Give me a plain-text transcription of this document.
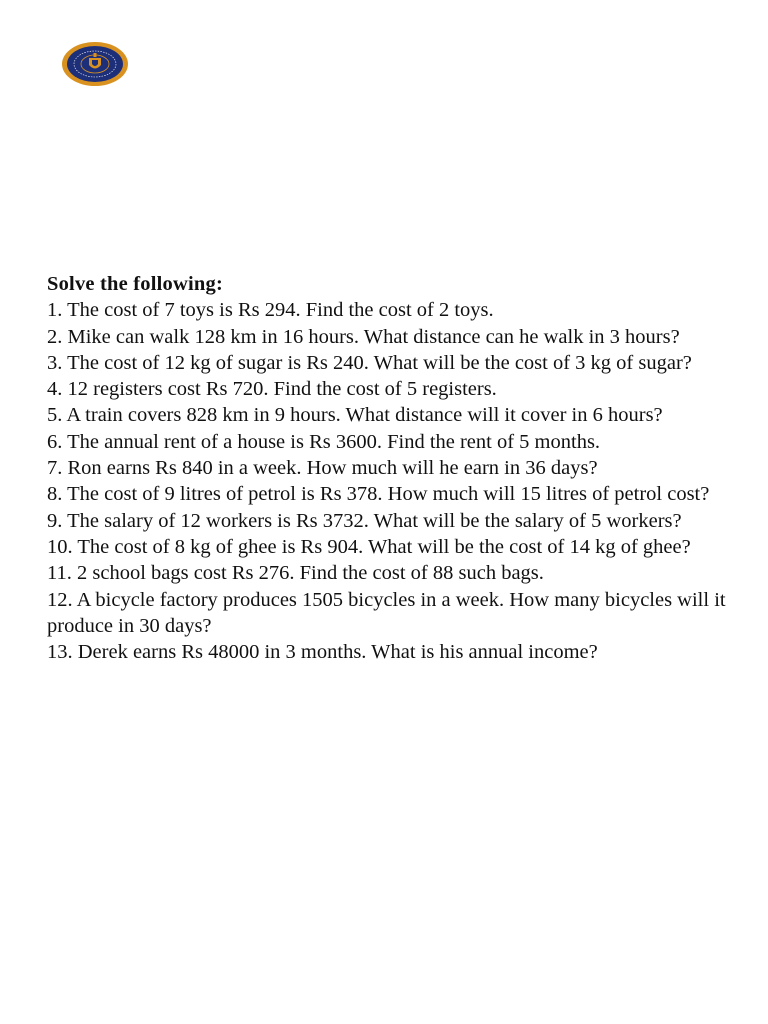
Solve the following:

1. The cost of 7 toys is Rs 294. Find the cost of 2 toys.

2. Mike can walk 128 km in 16 hours. What distance can he walk in 3 hours?

3. The cost of 12 kg of sugar is Rs 240. What will be the cost of 3 kg of sugar?

4. 12 registers cost Rs 720. Find the cost of 5 registers.

5. A train covers 828 km in 9 hours. What distance will it cover in 6 hours?

6. The annual rent of a house is Rs 3600. Find the rent of 5 months.

7. Ron earns Rs 840 in a week. How much will he earn in 36 days?

8. The cost of 9 litres of petrol is Rs 378. How much will 15 litres of petrol cost?

9. The salary of 12 workers is Rs 3732. What will be the salary of 5 workers?

10. The cost of 8 kg of ghee is Rs 904. What will be the cost of 14 kg of ghee?

11. 2 school bags cost Rs 276. Find the cost of 88 such bags.

12. A bicycle factory produces 1505 bicycles in a week. How many bicycles will it produce in 30 days?

13. Derek earns Rs 48000 in 3 months. What is his annual income?
